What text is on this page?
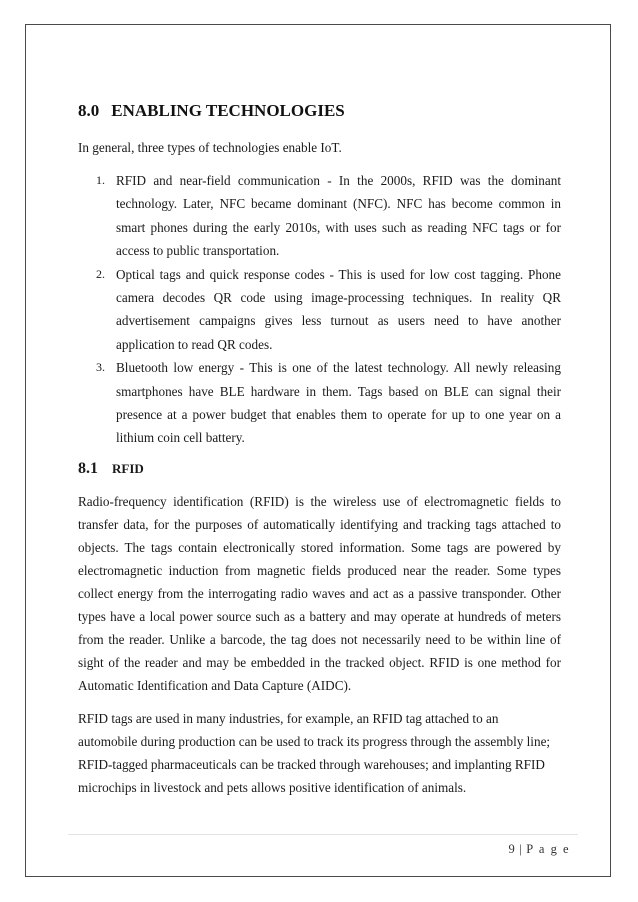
8.0 ENABLING TECHNOLOGIES

In general, three types of technologies enable IoT.

1. RFID and near-field communication - In the 2000s, RFID was the dominant technology. Later, NFC became dominant (NFC). NFC has become common in smart phones during the early 2010s, with uses such as reading NFC tags or for access to public transportation.
2. Optical tags and quick response codes - This is used for low cost tagging. Phone camera decodes QR code using image-processing techniques. In reality QR advertisement campaigns gives less turnout as users need to have another application to read QR codes.
3. Bluetooth low energy - This is one of the latest technology. All newly releasing smartphones have BLE hardware in them. Tags based on BLE can signal their presence at a power budget that enables them to operate for up to one year on a lithium coin cell battery.
8.1 RFID

Radio-frequency identification (RFID) is the wireless use of electromagnetic fields to transfer data, for the purposes of automatically identifying and tracking tags attached to objects. The tags contain electronically stored information. Some tags are powered by electromagnetic induction from magnetic fields produced near the reader. Some types collect energy from the interrogating radio waves and act as a passive transponder. Other types have a local power source such as a battery and may operate at hundreds of meters from the reader. Unlike a barcode, the tag does not necessarily need to be within line of sight of the reader and may be embedded in the tracked object. RFID is one method for Automatic Identification and Data Capture (AIDC).

RFID tags are used in many industries, for example, an RFID tag attached to an automobile during production can be used to track its progress through the assembly line; RFID-tagged pharmaceuticals can be tracked through warehouses; and implanting RFID microchips in livestock and pets allows positive identification of animals.

9 | P a g e
